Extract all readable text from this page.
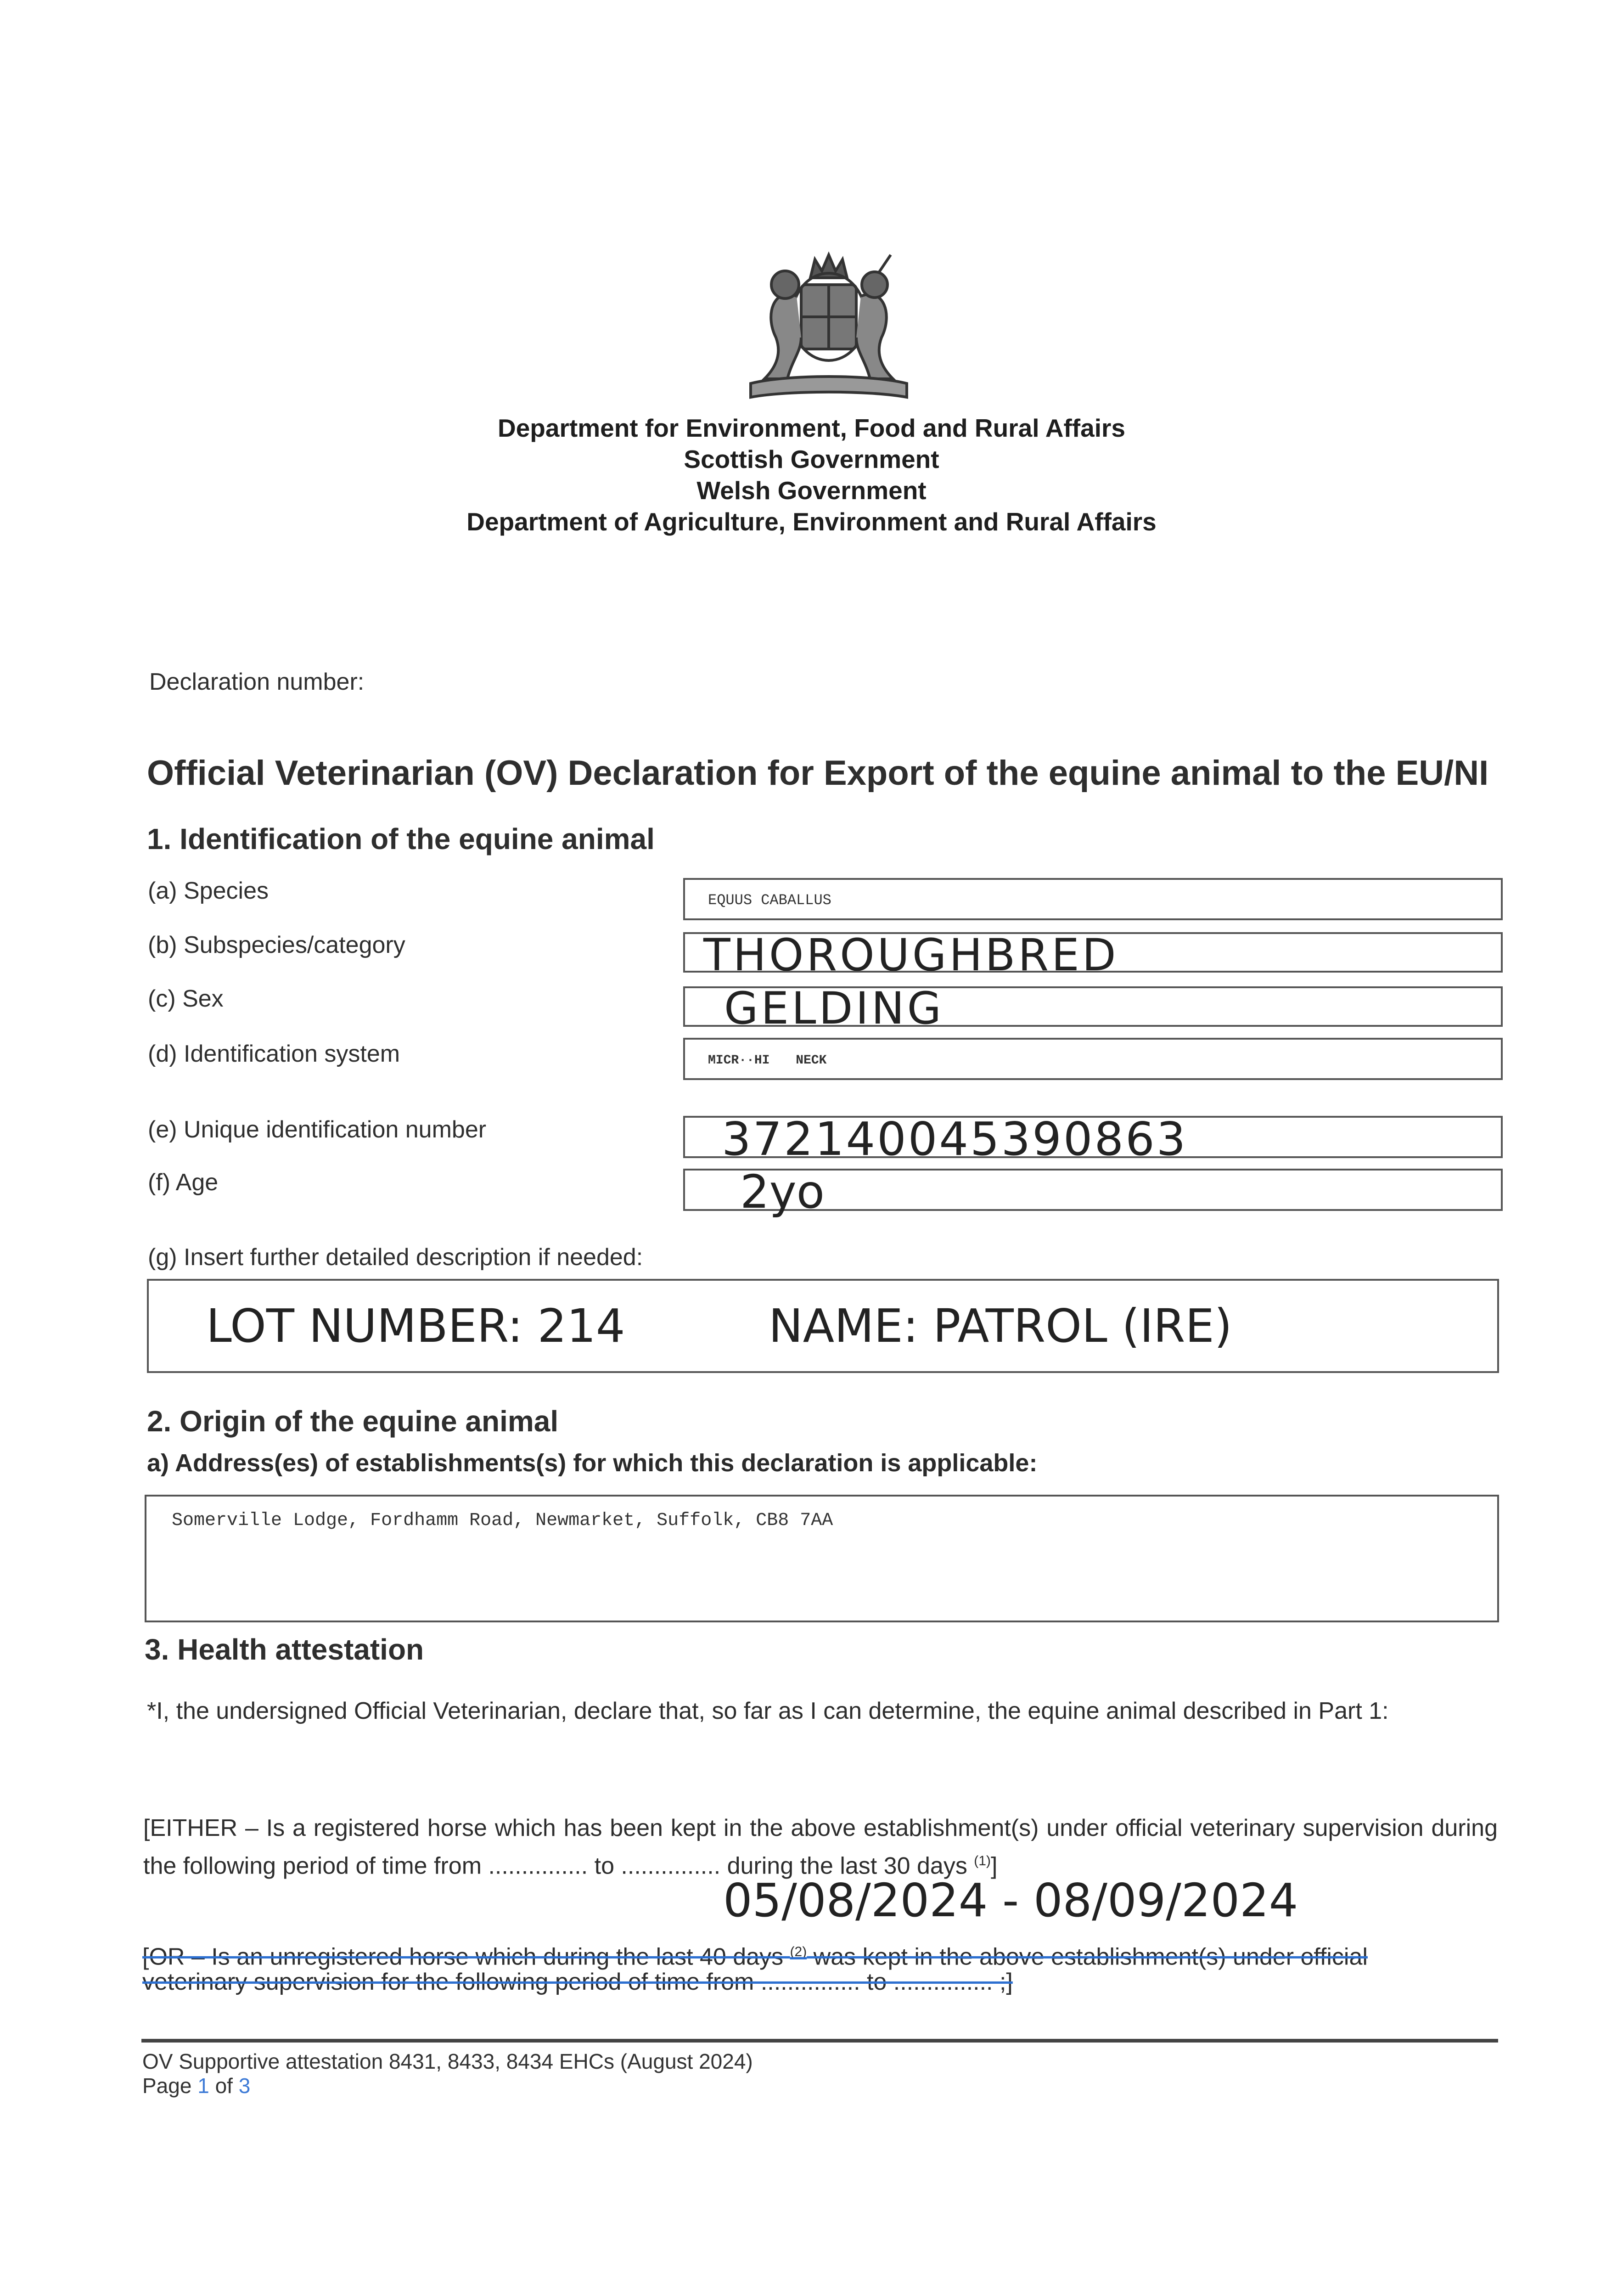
Department for Environment, Food and Rural Affairs
Scottish Government
Welsh Government
Department of Agriculture, Environment and Rural Affairs
Declaration number:
Official Veterinarian (OV) Declaration for Export of the equine animal to the EU/NI
1. Identification of the equine animal
(a) Species	EQUUS CABALLUS
(b) Subspecies/category	THOROUGHBRED
(c) Sex	GELDING
(d) Identification system	MICR··HI NECK
(e) Unique identification number	372140045390863
(f) Age	2yo
(g) Insert further detailed description if needed:
LOT NUMBER: 214	NAME: PATROL (IRE)
2. Origin of the equine animal
a) Address(es) of establishments(s) for which this declaration is applicable:
Somerville Lodge, Fordhamm Road, Newmarket, Suffolk, CB8 7AA
3. Health attestation
*I, the undersigned Official Veterinarian, declare that, so far as I can determine, the equine animal described in Part 1:
[EITHER – Is a registered horse which has been kept in the above establishment(s) under official veterinary supervision during the following period of time from ............... to ............... during the last 30 days $^{(1)}$]
05/08/2024 - 08/09/2024
[OR – Is an unregistered horse which during the last 40 days $^{(2)}$ was kept in the above establishment(s) under official
veterinary supervision for the following period of time from ............... to ............... ;]
OV Supportive attestation 8431, 8433, 8434 EHCs (August 2024)
Page 1 of 3
